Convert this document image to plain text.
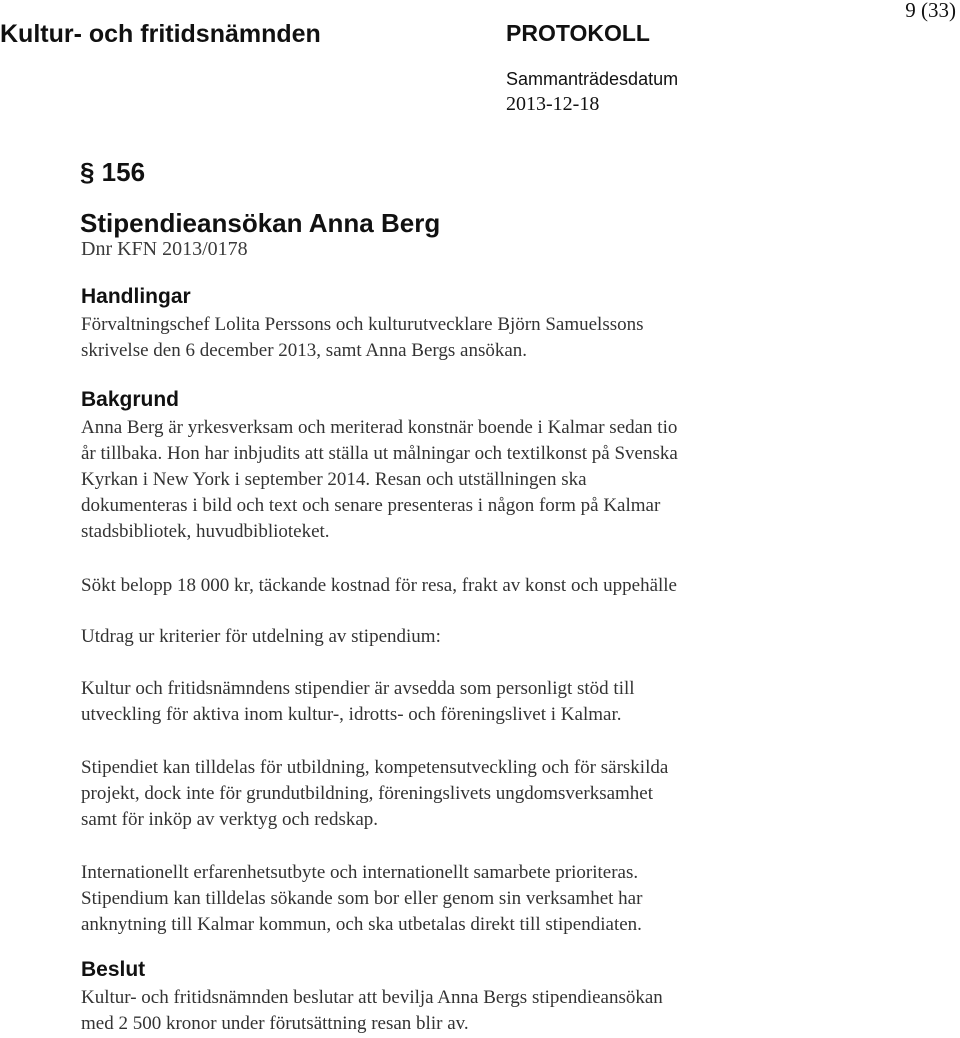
Kultur- och fritidsnämnden	PROTOKOLL
9 (33)
Sammanträdesdatum
2013-12-18
§ 156
Stipendieansökan Anna Berg
Dnr KFN 2013/0178
Handlingar
Förvaltningschef Lolita Perssons och kulturutvecklare Björn Samuelssons
skrivelse den 6 december 2013, samt Anna Bergs ansökan.
Bakgrund
Anna Berg är yrkesverksam och meriterad konstnär boende i Kalmar sedan tio
år tillbaka. Hon har inbjudits att ställa ut målningar och textilkonst på Svenska
Kyrkan i New York i september 2014. Resan och utställningen ska
dokumenteras i bild och text och senare presenteras i någon form på Kalmar
stadsbibliotek, huvudbiblioteket.
Sökt belopp 18 000 kr, täckande kostnad för resa, frakt av konst och uppehälle
Utdrag ur kriterier för utdelning av stipendium:
Kultur och fritidsnämndens stipendier är avsedda som personligt stöd till
utveckling för aktiva inom kultur-, idrotts- och föreningslivet i Kalmar.
Stipendiet kan tilldelas för utbildning, kompetensutveckling och för särskilda
projekt, dock inte för grundutbildning, föreningslivets ungdomsverksamhet
samt för inköp av verktyg och redskap.
Internationellt erfarenhetsutbyte och internationellt samarbete prioriteras.
Stipendium kan tilldelas sökande som bor eller genom sin verksamhet har
anknytning till Kalmar kommun, och ska utbetalas direkt till stipendiaten.
Beslut
Kultur- och fritidsnämnden beslutar att bevilja Anna Bergs stipendieansökan
med 2 500 kronor under förutsättning resan blir av.
